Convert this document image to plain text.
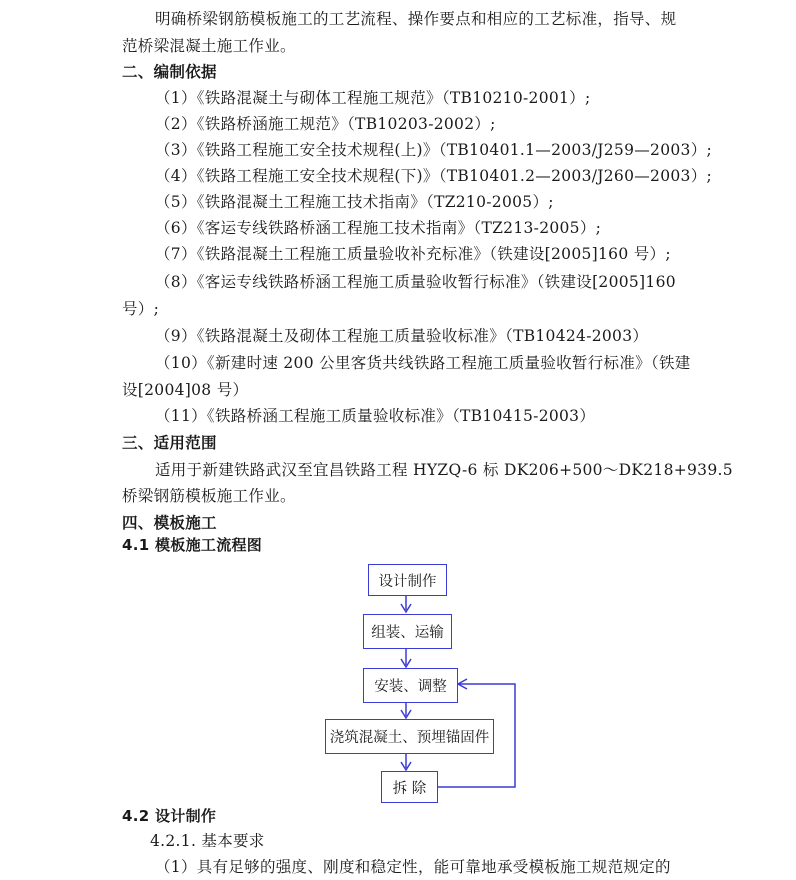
明确桥梁钢筋模板施工的工艺流程、操作要点和相应的工艺标准，指导、规

范桥梁混凝土施工作业。

二、编制依据

（1）《铁路混凝土与砌体工程施工规范》（TB10210-2001）;

（2）《铁路桥涵施工规范》（TB10203-2002）;

（3）《铁路工程施工安全技术规程(上)》（TB10401.1—2003/J259—2003）;

（4）《铁路工程施工安全技术规程(下)》（TB10401.2—2003/J260—2003）;

（5）《铁路混凝土工程施工技术指南》（TZ210-2005）;

（6）《客运专线铁路桥涵工程施工技术指南》（TZ213-2005）;

（7）《铁路混凝土工程施工质量验收补充标准》（铁建设[2005]160 号）;

（8）《客运专线铁路桥涵工程施工质量验收暂行标准》（铁建设[2005]160

号）;

（9）《铁路混凝土及砌体工程施工质量验收标准》（TB10424-2003）

（10）《新建时速 200 公里客货共线铁路工程施工质量验收暂行标准》（铁建

设[2004]08 号）

（11）《铁路桥涵工程施工质量验收标准》（TB10415-2003）

三、适用范围

适用于新建铁路武汉至宜昌铁路工程 HYZQ-6 标 DK206+500～DK218+939.5

桥梁钢筋模板施工作业。

四、模板施工

4.1 模板施工流程图

设计制作
组装、运输
安装、调整
浇筑混凝土、预埋锚固件
拆 除

4.2 设计制作

4.2.1. 基本要求

（1）具有足够的强度、刚度和稳定性，能可靠地承受模板施工规范规定的
